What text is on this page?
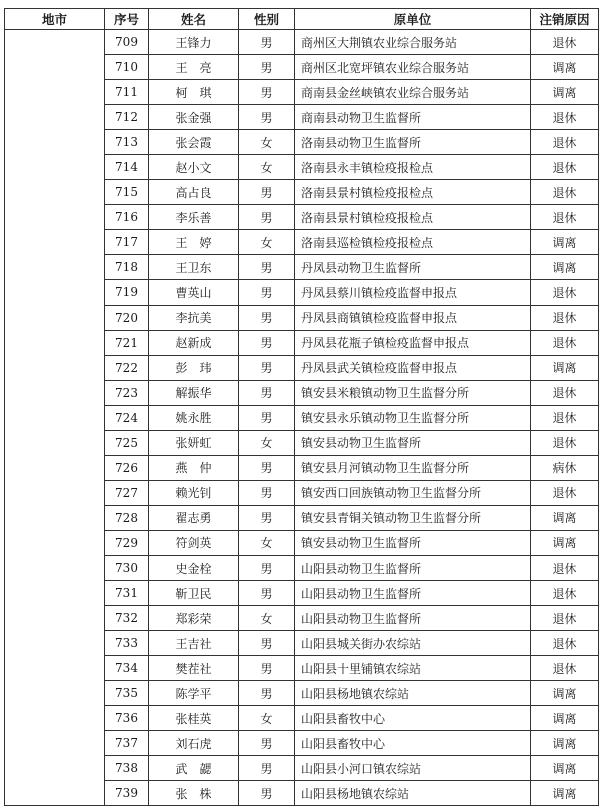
地市	序号	姓名	性别	原单位	注销原因
	709	王锋力	男	商州区大荆镇农业综合服务站	退休
	710	王　亮	男	商州区北宽坪镇农业综合服务站	调离
	711	柯　琪	男	商南县金丝峡镇农业综合服务站	调离
	712	张金强	男	商南县动物卫生监督所	退休
	713	张会霞	女	洛南县动物卫生监督所	退休
	714	赵小文	女	洛南县永丰镇检疫报检点	退休
	715	高占良	男	洛南县景村镇检疫报检点	退休
	716	李乐善	男	洛南县景村镇检疫报检点	退休
	717	王　婷	女	洛南县巡检镇检疫报检点	调离
	718	王卫东	男	丹凤县动物卫生监督所	调离
	719	曹英山	男	丹凤县蔡川镇检疫监督申报点	退休
	720	李抗美	男	丹凤县商镇镇检疫监督申报点	退休
	721	赵新成	男	丹凤县花瓶子镇检疫监督申报点	退休
	722	彭　玮	男	丹凤县武关镇检疫监督申报点	调离
	723	解振华	男	镇安县米粮镇动物卫生监督分所	退休
	724	姚永胜	男	镇安县永乐镇动物卫生监督分所	退休
	725	张妍虹	女	镇安县动物卫生监督所	退休
	726	燕　仲	男	镇安县月河镇动物卫生监督分所	病休
	727	赖光钊	男	镇安西口回族镇动物卫生监督分所	退休
	728	翟志勇	男	镇安县青铜关镇动物卫生监督分所	调离
	729	符剑英	女	镇安县动物卫生监督所	调离
	730	史金栓	男	山阳县动物卫生监督所	退休
	731	靳卫民	男	山阳县动物卫生监督所	退休
	732	郑彩荣	女	山阳县动物卫生监督所	退休
	733	王吉社	男	山阳县城关街办农综站	退休
	734	樊茬社	男	山阳县十里铺镇农综站	退休
	735	陈学平	男	山阳县杨地镇农综站	调离
	736	张桂英	女	山阳县畜牧中心	调离
	737	刘石虎	男	山阳县畜牧中心	调离
	738	武　勰	男	山阳县小河口镇农综站	调离
	739	张　株	男	山阳县杨地镇农综站	调离
